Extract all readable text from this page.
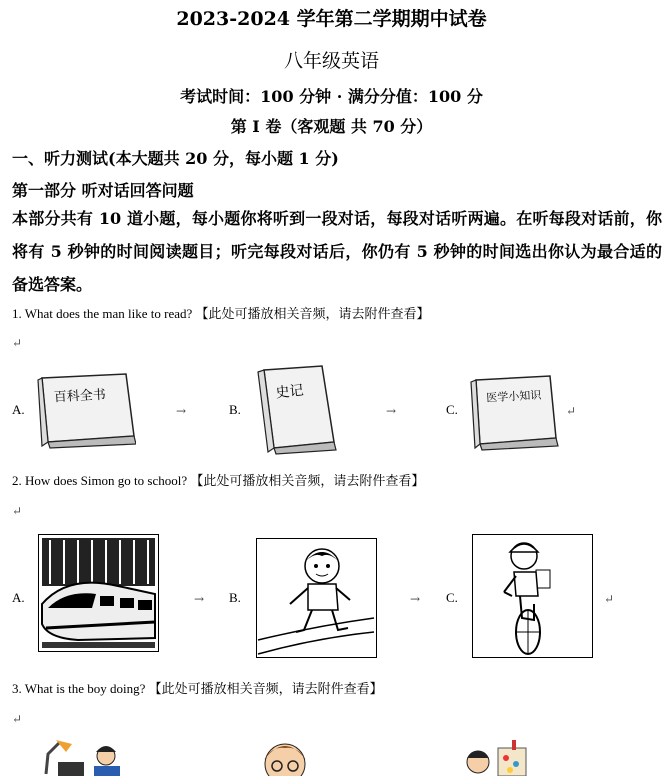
2023-2024 学年第二学期期中试卷
八年级英语
考试时间：100 分钟 · 满分分值：100 分
第 I 卷（客观题 共 70 分）
一、听力测试(本大题共 20 分，每小题 1 分)
第一部分 听对话回答问题
本部分共有 10 道小题，每小题你将听到一段对话，每段对话听两遍。在听每段对话前，你将有 5 秒钟的时间阅读题目；听完每段对话后，你仍有 5 秒钟的时间选出你认为最合适的备选答案。
1. What does the man like to read? 【此处可播放相关音频，请去附件查看】
↵
A.
百科全书
→	B.
史记
→	C.
医学小知识
↵
2. How does Simon go to school? 【此处可播放相关音频，请去附件查看】
↵
A.	→ B.	→ C.	↵
3. What is the boy doing? 【此处可播放相关音频，请去附件查看】
↵
